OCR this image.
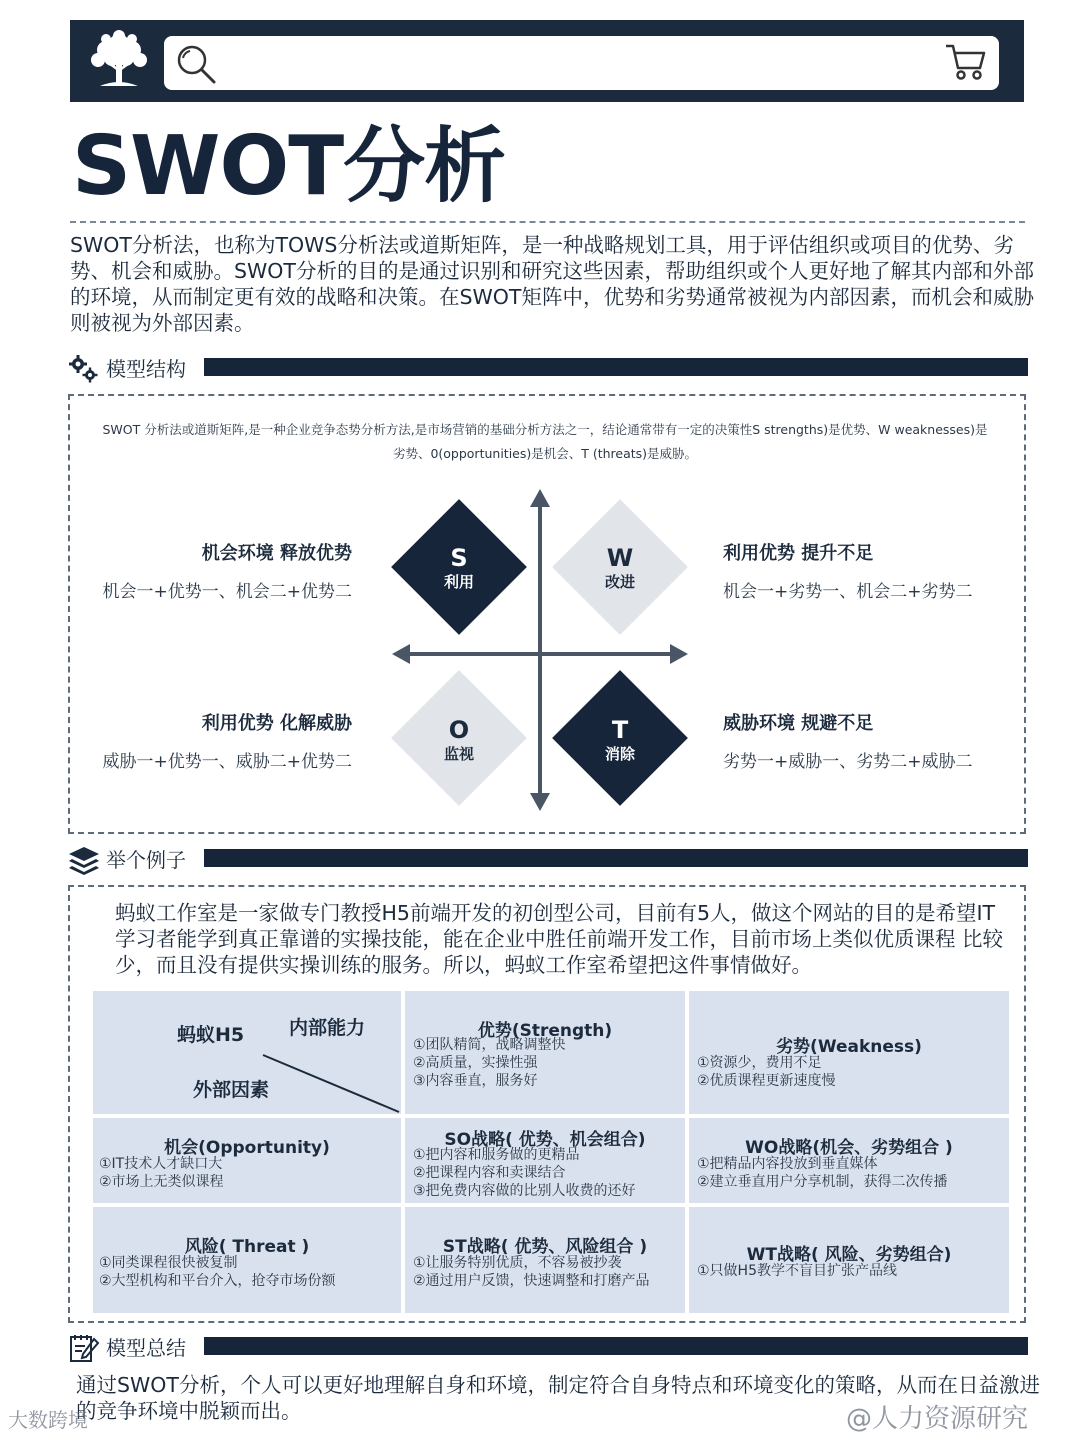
SWOT分析
SWOT分析法，也称为TOWS分析法或道斯矩阵，是一种战略规划工具，用于评估组织或项目的优势、劣势、机会和威胁。SWOT分析的目的是通过识别和研究这些因素，帮助组织或个人更好地了解其内部和外部的环境，从而制定更有效的战略和决策。在SWOT矩阵中，优势和劣势通常被视为内部因素，而机会和威胁则被视为外部因素。
模型结构
SWOT 分析法或道斯矩阵,是一种企业竞争态势分析方法,是市场营销的基础分析方法之一，结论通常带有一定的决策性S strengths)是优势、W weaknesses)是
劣势、0(opportunities)是机会、T (threats)是威胁。
S
利用
W
改进
O
监视
T
消除
机会环境 释放优势
机会一+优势一、机会二+优势二
利用优势 提升不足
机会一+劣势一、机会二+劣势二
利用优势 化解威胁
威胁一+优势一、威胁二+优势二
威胁环境 规避不足
劣势一+威胁一、劣势二+威胁二
举个例子
蚂蚁工作室是一家做专门教授H5前端开发的初创型公司，目前有5人，做这个网站的目的是希望IT学习者能学到真正靠谱的实操技能，能在企业中胜任前端开发工作，目前市场上类似优质课程 比较少，而且没有提供实操训练的服务。所以，蚂蚁工作室希望把这件事情做好。
蚂蚁H5 内部能力
外部因素
优势(Strength)
①团队精简，战略调整快
②高质量，实操性强
③内容垂直，服务好
劣势(Weakness)
①资源少，费用不足
②优质课程更新速度慢
机会(Opportunity)
①IT技术人才缺口大
②市场上无类似课程
SO战略( 优势、机会组合)
①把内容和服务做的更精品
②把课程内容和卖课结合
③把免费内容做的比别人收费的还好
WO战略(机会、劣势组合 )
①把精品内容投放到垂直媒体
②建立垂直用户分享机制，获得二次传播
风险( Threat )
①同类课程很快被复制
②大型机构和平台介入，抢夺市场份额
ST战略( 优势、风险组合 )
①让服务特别优质，不容易被抄袭
②通过用户反馈，快速调整和打磨产品
WT战略( 风险、劣势组合)
①只做H5教学不盲目扩张产品线
模型总结
通过SWOT分析，个人可以更好地理解自身和环境，制定符合自身特点和环境变化的策略，从而在日益激进的竞争环境中脱颖而出。
大数跨境	@人力资源研究
